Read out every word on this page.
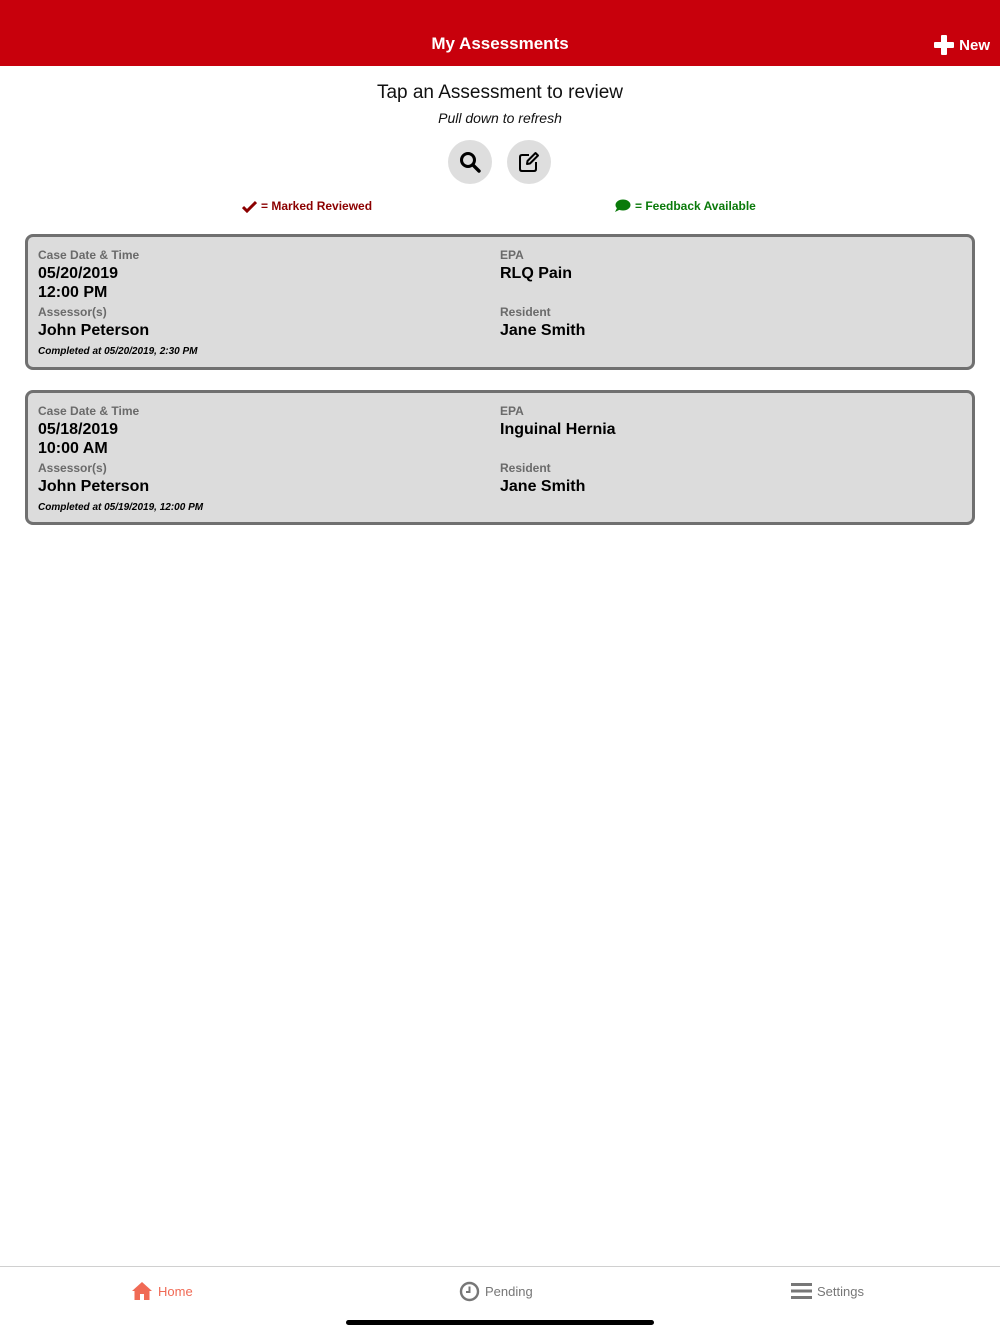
My Assessments	New
Tap an Assessment to review
Pull down to refresh
= Marked Reviewed	= Feedback Available
Case Date & Time
05/20/2019
12:00 PM
Assessor(s)
John Peterson
Completed at 05/20/2019, 2:30 PM
EPA
RLQ Pain
Resident
Jane Smith
Case Date & Time
05/18/2019
10:00 AM
Assessor(s)
John Peterson
Completed at 05/19/2019, 12:00 PM
EPA
Inguinal Hernia
Resident
Jane Smith
Home	Pending	Settings
